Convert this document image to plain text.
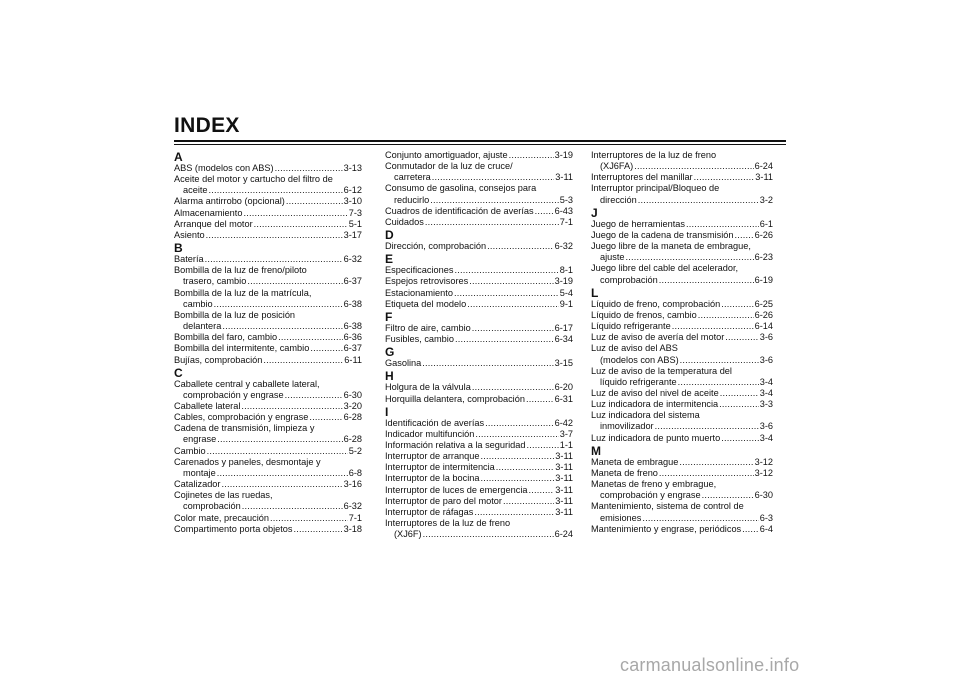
INDEX
A
ABS (modelos con ABS) .....	3-13
Aceite del motor y cartucho del filtro de
aceite .....	6-12
Alarma antirrobo (opcional) .....	3-10
Almacenamiento .....	7-3
Arranque del motor .....	5-1
Asiento .....	3-17
B
Batería .....	6-32
Bombilla de la luz de freno/piloto
trasero, cambio .....	6-37
Bombilla de la luz de la matrícula,
cambio .....	6-38
Bombilla de la luz de posición
delantera .....	6-38
Bombilla del faro, cambio .....	6-36
Bombilla del intermitente, cambio .....	6-37
Bujías, comprobación .....	6-11
C
Caballete central y caballete lateral,
comprobación y engrase .....	6-30
Caballete lateral .....	3-20
Cables, comprobación y engrase .....	6-28
Cadena de transmisión, limpieza y
engrase .....	6-28
Cambio .....	5-2
Carenados y paneles, desmontaje y
montaje .....	6-8
Catalizador .....	3-16
Cojinetes de las ruedas,
comprobación .....	6-32
Color mate, precaución .....	7-1
Compartimento porta objetos .....	3-18
Conjunto amortiguador, ajuste .....	3-19
Conmutador de la luz de cruce/
carretera .....	3-11
Consumo de gasolina, consejos para
reducirlo .....	5-3
Cuadros de identificación de averías ..... 6-43
Cuidados .....	7-1
D
Dirección, comprobación .....	6-32
E
Especificaciones .....	8-1
Espejos retrovisores .....	3-19
Estacionamiento .....	5-4
Etiqueta del modelo .....	9-1
F
Filtro de aire, cambio .....	6-17
Fusibles, cambio .....	6-34
G
Gasolina .....	3-15
H
Holgura de la válvula .....	6-20
Horquilla delantera, comprobación .....	6-31
I
Identificación de averías .....	6-42
Indicador multifunción .....	3-7
Información relativa a la seguridad .....	1-1
Interruptor de arranque .....	3-11
Interruptor de intermitencia .....	3-11
Interruptor de la bocina .....	3-11
Interruptor de luces de emergencia .....	3-11
Interruptor de paro del motor .....	3-11
Interruptor de ráfagas .....	3-11
Interruptores de la luz de freno
(XJ6F) .....	6-24
Interruptores de la luz de freno
(XJ6FA) .....	6-24
Interruptores del manillar .....	3-11
Interruptor principal/Bloqueo de
dirección .....	3-2
J
Juego de herramientas .....	6-1
Juego de la cadena de transmisión ..... 6-26
Juego libre de la maneta de embrague,
ajuste .....	6-23
Juego libre del cable del acelerador,
comprobación .....	6-19
L
Líquido de freno, comprobación .....	6-25
Líquido de frenos, cambio .....	6-26
Líquido refrigerante .....	6-14
Luz de aviso de avería del motor .....	3-6
Luz de aviso del ABS
(modelos con ABS) .....	3-6
Luz de aviso de la temperatura del
líquido refrigerante .....	3-4
Luz de aviso del nivel de aceite .....	3-4
Luz indicadora de intermitencia .....	3-3
Luz indicadora del sistema
inmovilizador .....	3-6
Luz indicadora de punto muerto .....	3-4
M
Maneta de embrague .....	3-12
Maneta de freno .....	3-12
Manetas de freno y embrague,
comprobación y engrase .....	6-30
Mantenimiento, sistema de control de
emisiones .....	6-3
Mantenimiento y engrase, periódicos ..... 6-4
carmanualsonline.info
